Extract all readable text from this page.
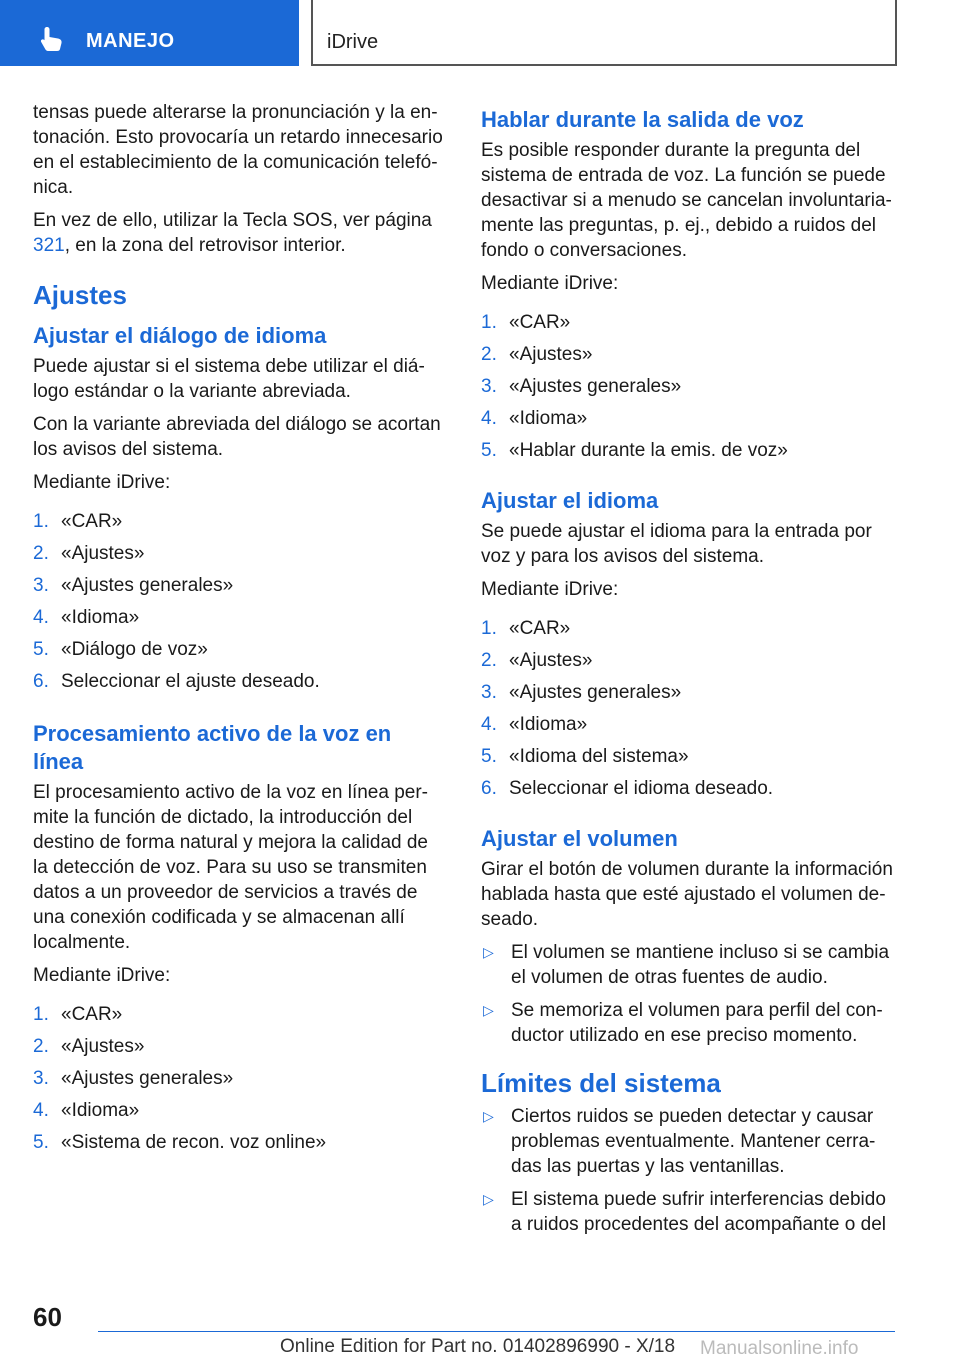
MANEJO	iDrive

tensas puede alterarse la pronunciación y la entonación. Esto provocaría un retardo innecesario en el establecimiento de la comunicación telefónica.

En vez de ello, utilizar la Tecla SOS, ver página 321, en la zona del retrovisor interior.

Ajustes
Ajustar el diálogo de idioma

Puede ajustar si el sistema debe utilizar el diálogo estándar o la variante abreviada.

Con la variante abreviada del diálogo se acortan los avisos del sistema.

Mediante iDrive:

1. «CAR»
2. «Ajustes»
3. «Ajustes generales»
4. «Idioma»
5. «Diálogo de voz»
6. Seleccionar el ajuste deseado.
Procesamiento activo de la voz en línea

El procesamiento activo de la voz en línea permite la función de dictado, la introducción del destino de forma natural y mejora la calidad de la detección de voz. Para su uso se transmiten datos a un proveedor de servicios a través de una conexión codificada y se almacenan allí localmente.

Mediante iDrive:

1. «CAR»
2. «Ajustes»
3. «Ajustes generales»
4. «Idioma»
5. «Sistema de recon. voz online»
Hablar durante la salida de voz

Es posible responder durante la pregunta del sistema de entrada de voz. La función se puede desactivar si a menudo se cancelan involuntariamente las preguntas, p. ej., debido a ruidos del fondo o conversaciones.

Mediante iDrive:

1. «CAR»
2. «Ajustes»
3. «Ajustes generales»
4. «Idioma»
5. «Hablar durante la emis. de voz»
Ajustar el idioma

Se puede ajustar el idioma para la entrada por voz y para los avisos del sistema.

Mediante iDrive:

1. «CAR»
2. «Ajustes»
3. «Ajustes generales»
4. «Idioma»
5. «Idioma del sistema»
6. Seleccionar el idioma deseado.
Ajustar el volumen

Girar el botón de volumen durante la información hablada hasta que esté ajustado el volumen deseado.

▷ El volumen se mantiene incluso si se cambia el volumen de otras fuentes de audio.
▷ Se memoriza el volumen para perfil del conductor utilizado en ese preciso momento.
Límites del sistema
▷ Ciertos ruidos se pueden detectar y causar problemas eventualmente. Mantener cerradas las puertas y las ventanillas.
▷ El sistema puede sufrir interferencias debido a ruidos procedentes del acompañante o del
60
Online Edition for Part no. 01402896990 - X/18 Manualsonline.info
